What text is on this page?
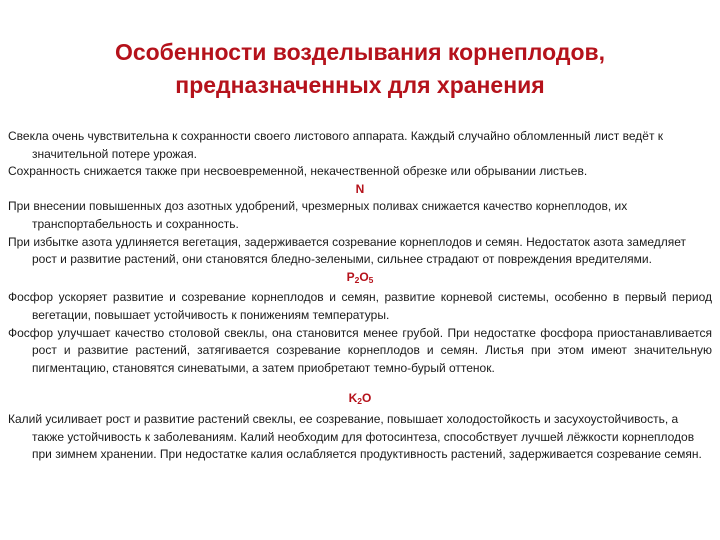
Особенности возделывания корнеплодов,
предназначенных для хранения

Свекла очень чувствительна к сохранности своего листового аппарата. Каждый случайно обломленный лист ведёт к значительной потере урожая.

Сохранность снижается также при несвоевременной, некачественной обрезке или обрывании листьев.

N

При внесении повышенных доз азотных удобрений, чрезмерных поливах снижается качество корнеплодов, их транспортабельность и сохранность.

При избытке азота удлиняется вегетация, задерживается созревание корнеплодов и семян. Недостаток азота замедляет рост и развитие растений, они становятся бледно-зелеными, сильнее страдают от повреждения вредителями.

$P_2O_5$

Фосфор ускоряет развитие и созревание корнеплодов и семян, развитие корневой системы, особенно в первый период вегетации, повышает устойчивость к понижениям температуры.

Фосфор улучшает качество столовой свеклы, она становится менее грубой. При недостатке фосфора приостанавливается рост и развитие растений, затягивается созревание корнеплодов и семян. Листья при этом имеют значительную пигментацию, становятся синеватыми, а затем приобретают темно-бурый оттенок.

$K_2O$

Калий усиливает рост и развитие растений свеклы, ее созревание, повышает холодостойкость и засухоустойчивость, а также устойчивость к заболеваниям. Калий необходим для фотосинтеза, способствует лучшей лёжкости корнеплодов при зимнем хранении. При недостатке калия ослабляется продуктивность растений, задерживается созревание семян.
